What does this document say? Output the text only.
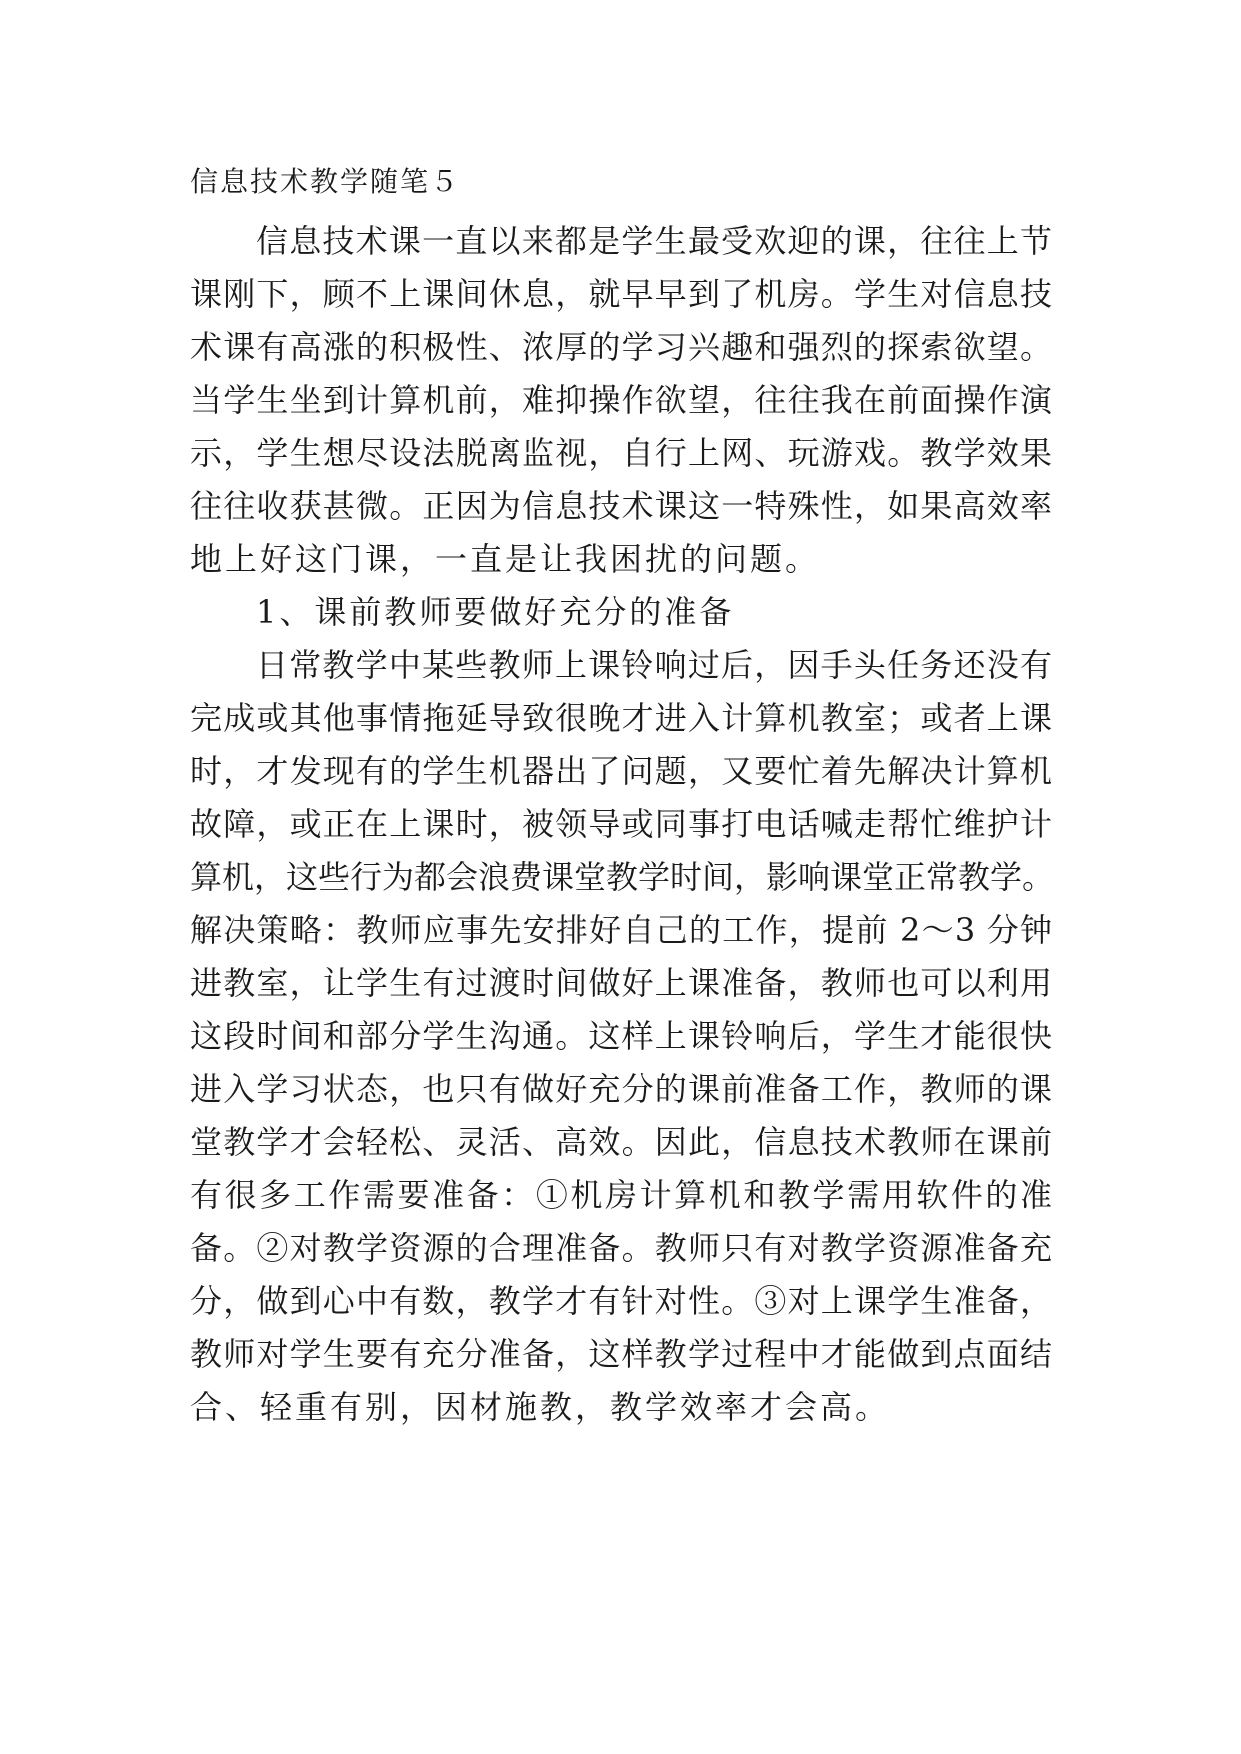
信息技术教学随笔５
信息技术课一直以来都是学生最受欢迎的课，往往上节
课刚下，顾不上课间休息，就早早到了机房。学生对信息技
术课有高涨的积极性、浓厚的学习兴趣和强烈的探索欲望。
当学生坐到计算机前，难抑操作欲望，往往我在前面操作演
示，学生想尽设法脱离监视，自行上网、玩游戏。教学效果
往往收获甚微。正因为信息技术课这一特殊性，如果高效率
地上好这门课，一直是让我困扰的问题。
1、课前教师要做好充分的准备
日常教学中某些教师上课铃响过后，因手头任务还没有
完成或其他事情拖延导致很晚才进入计算机教室；或者上课
时，才发现有的学生机器出了问题，又要忙着先解决计算机
故障，或正在上课时，被领导或同事打电话喊走帮忙维护计
算机，这些行为都会浪费课堂教学时间，影响课堂正常教学。
解决策略：教师应事先安排好自己的工作，提前 2～3 分钟
进教室，让学生有过渡时间做好上课准备，教师也可以利用
这段时间和部分学生沟通。这样上课铃响后，学生才能很快
进入学习状态，也只有做好充分的课前准备工作，教师的课
堂教学才会轻松、灵活、高效。因此，信息技术教师在课前
有很多工作需要准备：①机房计算机和教学需用软件的准
备。②对教学资源的合理准备。教师只有对教学资源准备充
分，做到心中有数，教学才有针对性。③对上课学生准备，
教师对学生要有充分准备，这样教学过程中才能做到点面结
合、轻重有别，因材施教，教学效率才会高。
